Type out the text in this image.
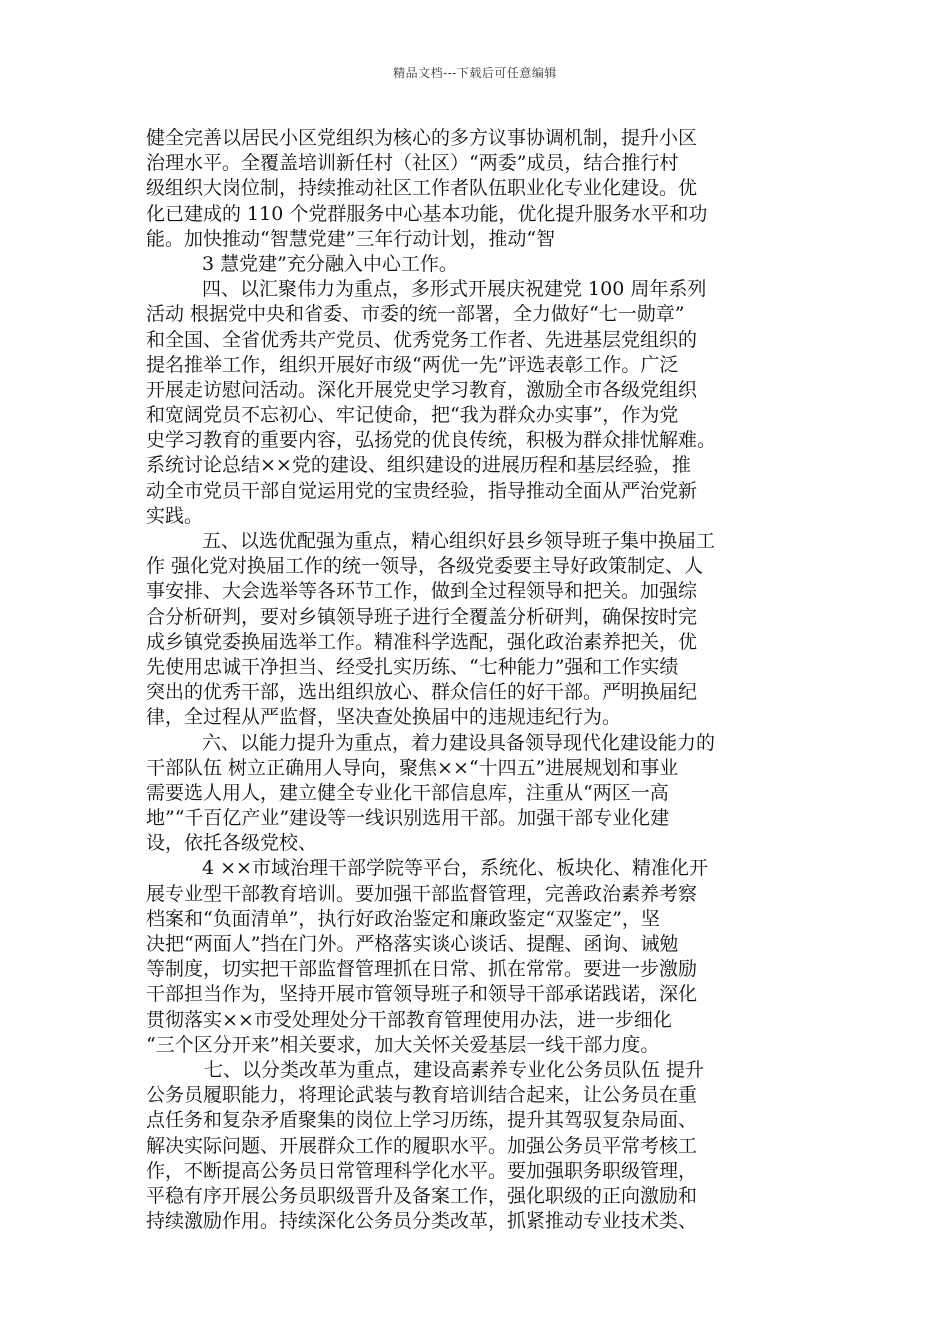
精品文档---下载后可任意编辑
健全完善以居民小区党组织为核心的多方议事协调机制，提升小区
治理水平。全覆盖培训新任村（社区）“两委”成员，结合推行村
级组织大岗位制，持续推动社区工作者队伍职业化专业化建设。优
化已建成的 110 个党群服务中心基本功能，优化提升服务水平和功
能。加快推动“智慧党建”三年行动计划，推动“智
3 慧党建”充分融入中心工作。
四、以汇聚伟力为重点，多形式开展庆祝建党 100 周年系列
活动 根据党中央和省委、市委的统一部署，全力做好“七一勋章”
和全国、全省优秀共产党员、优秀党务工作者、先进基层党组织的
提名推举工作，组织开展好市级“两优一先”评选表彰工作。广泛
开展走访慰问活动。深化开展党史学习教育，激励全市各级党组织
和宽阔党员不忘初心、牢记使命，把“我为群众办实事”，作为党
史学习教育的重要内容，弘扬党的优良传统，积极为群众排忧解难。
系统讨论总结××党的建设、组织建设的进展历程和基层经验，推
动全市党员干部自觉运用党的宝贵经验，指导推动全面从严治党新
实践。
五、以选优配强为重点，精心组织好县乡领导班子集中换届工
作 强化党对换届工作的统一领导，各级党委要主导好政策制定、人
事安排、大会选举等各环节工作，做到全过程领导和把关。加强综
合分析研判，要对乡镇领导班子进行全覆盖分析研判，确保按时完
成乡镇党委换届选举工作。精准科学选配，强化政治素养把关，优
先使用忠诚干净担当、经受扎实历练、“七种能力”强和工作实绩
突出的优秀干部，选出组织放心、群众信任的好干部。严明换届纪
律，全过程从严监督，坚决查处换届中的违规违纪行为。
六、以能力提升为重点，着力建设具备领导现代化建设能力的
干部队伍 树立正确用人导向，聚焦××“十四五”进展规划和事业
需要选人用人，建立健全专业化干部信息库，注重从“两区一高
地”“千百亿产业”建设等一线识别选用干部。加强干部专业化建
设，依托各级党校、
4 ××市域治理干部学院等平台，系统化、板块化、精准化开
展专业型干部教育培训。要加强干部监督管理，完善政治素养考察
档案和“负面清单”，执行好政治鉴定和廉政鉴定“双鉴定”，坚
决把“两面人”挡在门外。严格落实谈心谈话、提醒、函询、诫勉
等制度，切实把干部监督管理抓在日常、抓在常常。要进一步激励
干部担当作为，坚持开展市管领导班子和领导干部承诺践诺，深化
贯彻落实××市受处理处分干部教育管理使用办法，进一步细化
“三个区分开来”相关要求，加大关怀关爱基层一线干部力度。
七、以分类改革为重点，建设高素养专业化公务员队伍 提升
公务员履职能力，将理论武装与教育培训结合起来，让公务员在重
点任务和复杂矛盾聚集的岗位上学习历练，提升其驾驭复杂局面、
解决实际问题、开展群众工作的履职水平。加强公务员平常考核工
作，不断提高公务员日常管理科学化水平。要加强职务职级管理，
平稳有序开展公务员职级晋升及备案工作，强化职级的正向激励和
持续激励作用。持续深化公务员分类改革，抓紧推动专业技术类、
